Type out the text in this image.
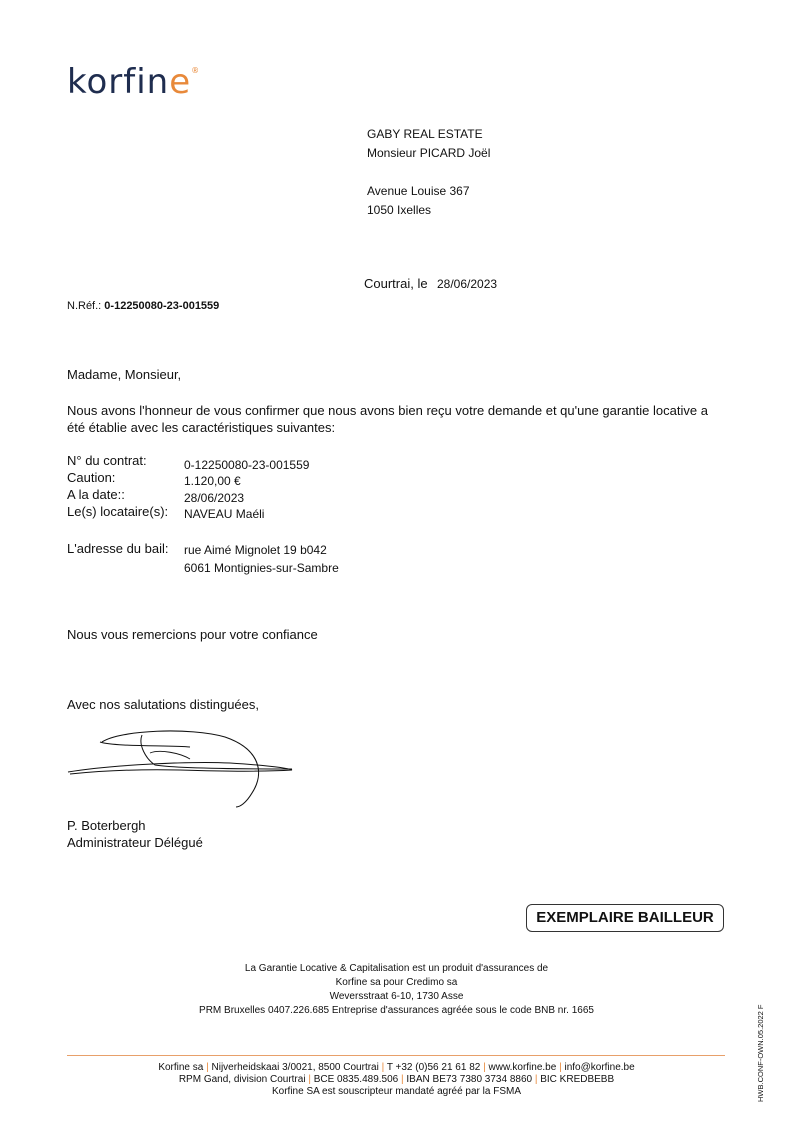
korfine®
GABY REAL ESTATE
Monsieur PICARD Joël
Avenue Louise 367
1050 Ixelles
Courtrai, le 28/06/2023
N.Réf.: 0-12250080-23-001559
Madame, Monsieur,
Nous avons l'honneur de vous confirmer que nous avons bien reçu votre demande et qu'une garantie locative a
été établie avec les caractéristiques suivantes:
N° du contrat:	0-12250080-23-001559
Caution:	1.120,00 €
A la date::	28/06/2023
Le(s) locataire(s): NAVEAU Maéli
L'adresse du bail: rue Aimé Mignolet 19 b042
6061 Montignies-sur-Sambre
Nous vous remercions pour votre confiance
Avec nos salutations distinguées,
P. Boterbergh
Administrateur Délégué
EXEMPLAIRE BAILLEUR
La Garantie Locative & Capitalisation est un produit d'assurances de
Korfine sa pour Credimo sa
Weversstraat 6-10, 1730 Asse
PRM Bruxelles 0407.226.685 Entreprise d'assurances agréée sous le code BNB nr. 1665
Korfine sa | Nijverheidskaai 3/0021, 8500 Courtrai | T +32 (0)56 21 61 82 | www.korfine.be | info@korfine.be
RPM Gand, division Courtrai | BCE 0835.489.506 | IBAN BE73 7380 3734 8860 | BIC KREDBEBB
Korfine SA est souscripteur mandaté agréé par la FSMA	HWB.CONF-OWN.05.2022 F
